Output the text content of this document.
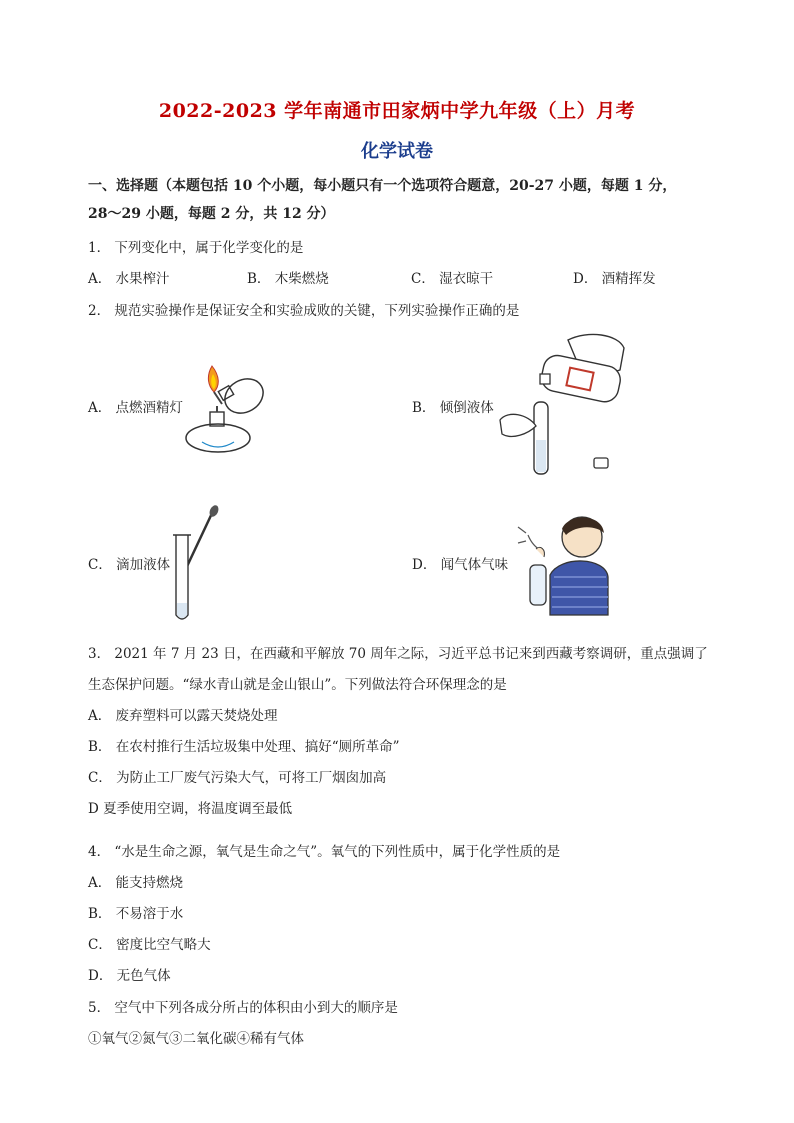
2022-2023 学年南通市田家炳中学九年级（上）月考
化学试卷
一、选择题（本题包括 10 个小题，每小题只有一个选项符合题意，20-27 小题，每题 1 分，
28～29 小题，每题 2 分，共 12 分）
1． 下列变化中，属于化学变化的是
A． 水果榨汁	B． 木柴燃烧	C． 湿衣晾干	D． 酒精挥发
2． 规范实验操作是保证安全和实验成败的关键，下列实验操作正确的是
A． 点燃酒精灯	B． 倾倒液体
C． 滴加液体	D． 闻气体气味
3． 2021 年 7 月 23 日，在西藏和平解放 70 周年之际，习近平总书记来到西藏考察调研，重点强调了
生态保护问题。“绿水青山就是金山银山”。下列做法符合环保理念的是
A． 废弃塑料可以露天焚烧处理
B． 在农村推行生活垃圾集中处理、搞好“厕所革命”
C． 为防止工厂废气污染大气，可将工厂烟囱加高
D 夏季使用空调，将温度调至最低
4． “水是生命之源，氧气是生命之气”。氧气的下列性质中，属于化学性质的是
A． 能支持燃烧
B． 不易溶于水
C． 密度比空气略大
D． 无色气体
5． 空气中下列各成分所占的体积由小到大的顺序是
①氧气②氮气③二氧化碳④稀有气体
